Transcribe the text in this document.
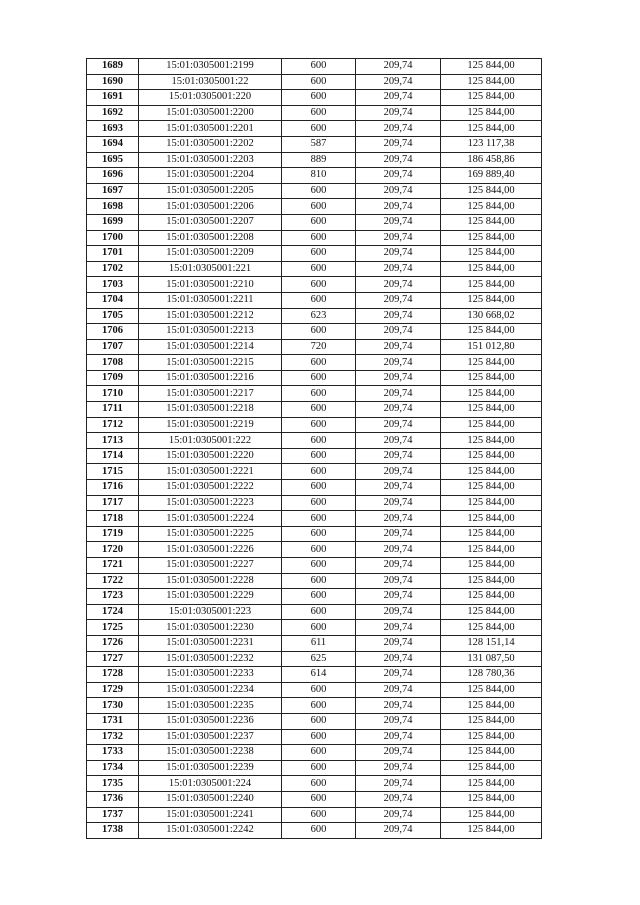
1689	15:01:0305001:2199	600	209,74	125 844,00
1690	15:01:0305001:22	600	209,74	125 844,00
1691	15:01:0305001:220	600	209,74	125 844,00
1692	15:01:0305001:2200	600	209,74	125 844,00
1693	15:01:0305001:2201	600	209,74	125 844,00
1694	15:01:0305001:2202	587	209,74	123 117,38
1695	15:01:0305001:2203	889	209,74	186 458,86
1696	15:01:0305001:2204	810	209,74	169 889,40
1697	15:01:0305001:2205	600	209,74	125 844,00
1698	15:01:0305001:2206	600	209,74	125 844,00
1699	15:01:0305001:2207	600	209,74	125 844,00
1700	15:01:0305001:2208	600	209,74	125 844,00
1701	15:01:0305001:2209	600	209,74	125 844,00
1702	15:01:0305001:221	600	209,74	125 844,00
1703	15:01:0305001:2210	600	209,74	125 844,00
1704	15:01:0305001:2211	600	209,74	125 844,00
1705	15:01:0305001:2212	623	209,74	130 668,02
1706	15:01:0305001:2213	600	209,74	125 844,00
1707	15:01:0305001:2214	720	209,74	151 012,80
1708	15:01:0305001:2215	600	209,74	125 844,00
1709	15:01:0305001:2216	600	209,74	125 844,00
1710	15:01:0305001:2217	600	209,74	125 844,00
1711	15:01:0305001:2218	600	209,74	125 844,00
1712	15:01:0305001:2219	600	209,74	125 844,00
1713	15:01:0305001:222	600	209,74	125 844,00
1714	15:01:0305001:2220	600	209,74	125 844,00
1715	15:01:0305001:2221	600	209,74	125 844,00
1716	15:01:0305001:2222	600	209,74	125 844,00
1717	15:01:0305001:2223	600	209,74	125 844,00
1718	15:01:0305001:2224	600	209,74	125 844,00
1719	15:01:0305001:2225	600	209,74	125 844,00
1720	15:01:0305001:2226	600	209,74	125 844,00
1721	15:01:0305001:2227	600	209,74	125 844,00
1722	15:01:0305001:2228	600	209,74	125 844,00
1723	15:01:0305001:2229	600	209,74	125 844,00
1724	15:01:0305001:223	600	209,74	125 844,00
1725	15:01:0305001:2230	600	209,74	125 844,00
1726	15:01:0305001:2231	611	209,74	128 151,14
1727	15:01:0305001:2232	625	209,74	131 087,50
1728	15:01:0305001:2233	614	209,74	128 780,36
1729	15:01:0305001:2234	600	209,74	125 844,00
1730	15:01:0305001:2235	600	209,74	125 844,00
1731	15:01:0305001:2236	600	209,74	125 844,00
1732	15:01:0305001:2237	600	209,74	125 844,00
1733	15:01:0305001:2238	600	209,74	125 844,00
1734	15:01:0305001:2239	600	209,74	125 844,00
1735	15:01:0305001:224	600	209,74	125 844,00
1736	15:01:0305001:2240	600	209,74	125 844,00
1737	15:01:0305001:2241	600	209,74	125 844,00
1738	15:01:0305001:2242	600	209,74	125 844,00
